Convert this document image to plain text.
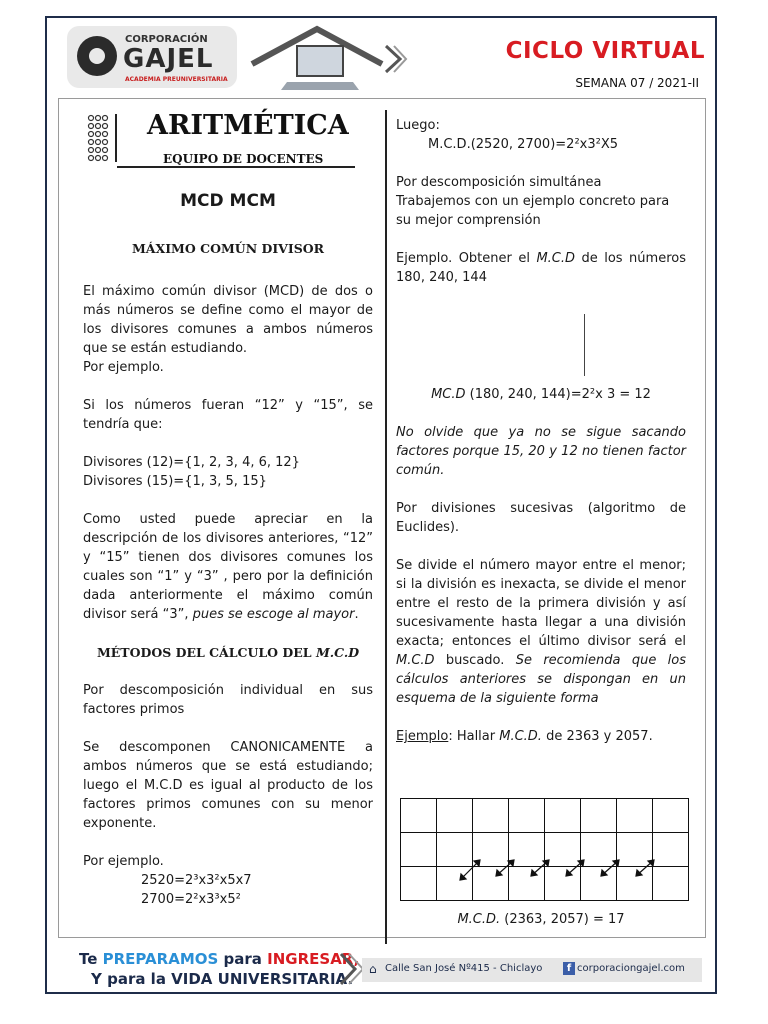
CORPORACIÓN
GAJEL
ACADEMIA PREUNIVERSITARIA
CICLO VIRTUAL
SEMANA 07 / 2021-II
ARITMÉTICA
EQUIPO DE DOCENTES

MCD MCM

MÁXIMO COMÚN DIVISOR

El máximo común divisor (MCD) de dos o más números se define como el mayor de los divisores comunes a ambos números que se están estudiando.

Por ejemplo.

Si los números fueran “12” y “15”, se tendría que:

Divisores (12)={1, 2, 3, 4, 6, 12}

Divisores (15)={1, 3, 5, 15}

Como usted puede apreciar en la descripción de los divisores anteriores, “12” y “15” tienen dos divisores comunes los cuales son “1” y “3” , pero por la definición dada anteriormente el máximo común divisor será “3”, pues se escoge al mayor.

MÉTODOS DEL CÁLCULO DEL M.C.D

Por descomposición individual en sus factores primos

Se descomponen CANONICAMENTE a ambos números que se está estudiando; luego el M.C.D es igual al producto de los factores primos comunes con su menor exponente.

Por ejemplo.

2520=2³x3²x5x7

2700=2²x3³x5²

Luego:

M.C.D.(2520, 2700)=2²x3²X5

Por descomposición simultánea

Trabajemos con un ejemplo concreto para su mejor comprensión

Ejemplo. Obtener el M.C.D de los números 180, 240, 144

MC.D (180, 240, 144)=2²x 3 = 12

No olvide que ya no se sigue sacando factores porque 15, 20 y 12 no tienen factor común.

Por divisiones sucesivas (algoritmo de Euclides).

Se divide el número mayor entre el menor; si la división es inexacta, se divide el menor entre el resto de la primera división y así sucesivamente hasta llegar a una división exacta; entonces el último divisor será el M.C.D buscado. Se recomienda que los cálculos anteriores se dispongan en un esquema de la siguiente forma

Ejemplo: Hallar M.C.D. de 2363 y 2057.

M.C.D. (2363, 2057) = 17

Te PREPARAMOS para INGRESAR,
Y para la VIDA UNIVERSITARIA.
⌂ Calle San José Nº415 - Chiclayo	f corporaciongajel.com
